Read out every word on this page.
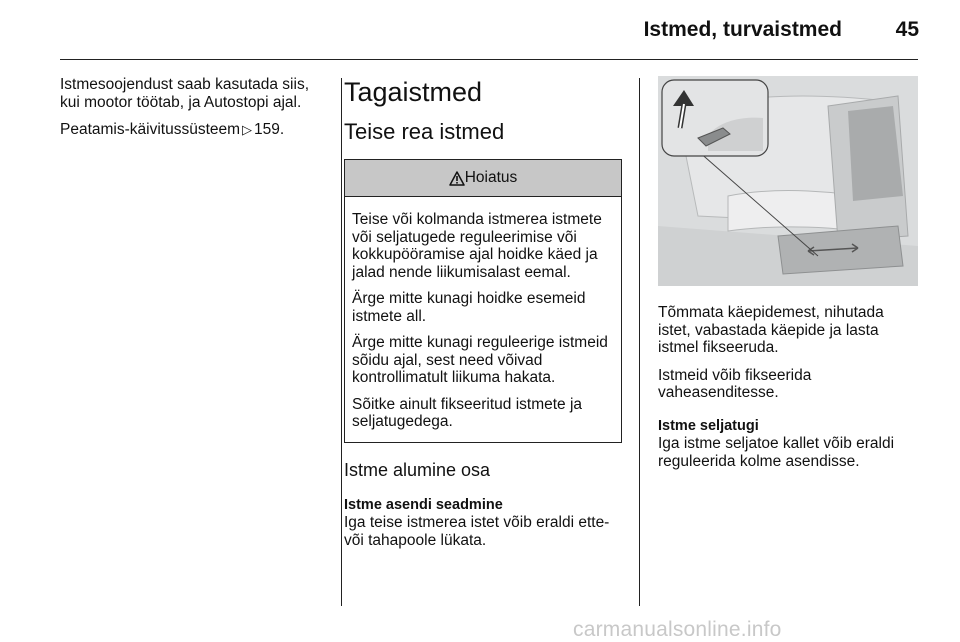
Istmed, turvaistmed	45

Istmesoojendust saab kasutada siis, kui mootor töötab, ja Autostopi ajal.

Peatamis-käivitussüsteem ▷ 159.

Tagaistmed
Teise rea istmed
Hoiatus

Teise või kolmanda istmerea istmete või seljatugede reguleerimise või kokkupööramise ajal hoidke käed ja jalad nende liikumisalast eemal.

Ärge mitte kunagi hoidke esemeid istmete all.

Ärge mitte kunagi reguleerige istmeid sõidu ajal, sest need võivad kontrollimatult liikuma hakata.

Sõitke ainult fikseeritud istmete ja seljatugedega.

Istme alumine osa
Istme asendi seadmine

Iga teise istmerea istet võib eraldi ette- või tahapoole lükata.

Tõmmata käepidemest, nihutada istet, vabastada käepide ja lasta istmel fikseeruda.

Istmeid võib fikseerida vaheasenditesse.

Istme seljatugi

Iga istme seljatoe kallet võib eraldi reguleerida kolme asendisse.

carmanualsonline.info
